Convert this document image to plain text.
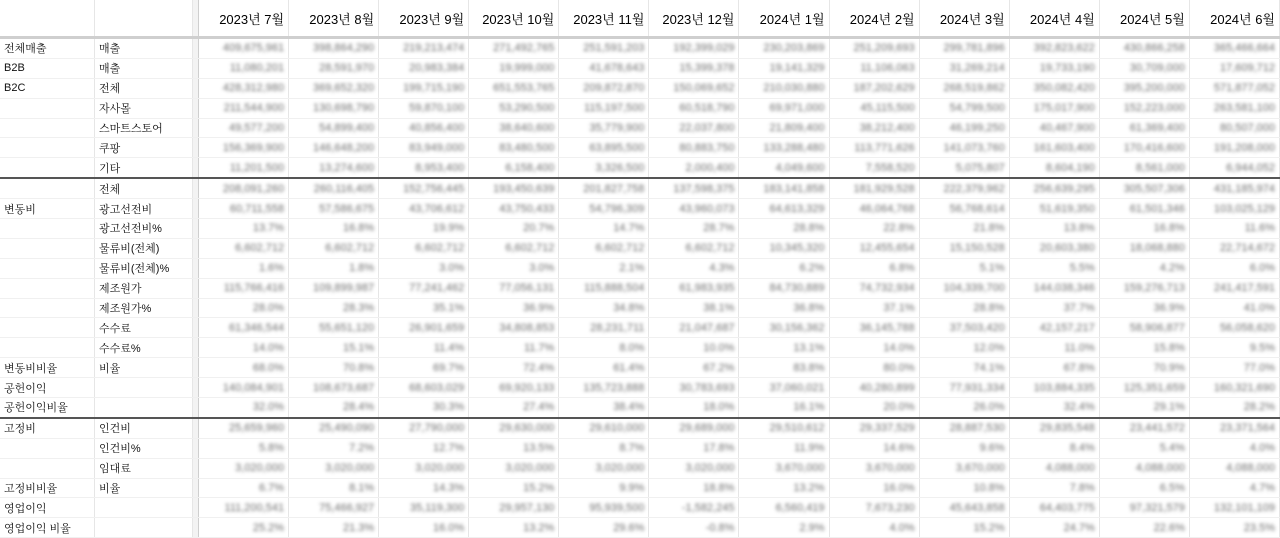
			2023년 7월	2023년 8월	2023년 9월	2023년 10월	2023년 11월	2023년 12월	2024년 1월	2024년 2월	2024년 3월	2024년 4월	2024년 5월	2024년 6월
전체매출	매출		409,675,961	398,864,290	219,213,474	271,492,765	251,591,203	192,399,029	230,203,869	251,209,693	299,781,896	392,823,622	430,866,258	365,466,664
B2B	매출		11,080,201	28,591,970	20,983,384	19,999,000	41,678,643	15,399,378	19,141,329	11,106,063	31,269,214	19,733,190	30,709,000	17,609,712
B2C	전체		428,312,980	369,652,320	199,715,190	651,553,765	209,872,870	150,069,652	210,030,880	187,202,629	268,519,862	350,082,420	395,200,000	571,877,052
	자사몰		211,544,900	130,698,790	59,870,100	53,290,500	115,197,500	60,518,790	69,971,000	45,115,500	54,799,500	175,017,900	152,223,000	263,581,100
	스마트스토어		49,577,200	54,899,400	40,856,400	38,640,600	35,779,900	22,037,800	21,809,400	38,212,400	46,199,250	40,467,900	61,369,400	80,507,000
	쿠팡		156,369,900	146,648,200	83,949,000	83,480,500	63,895,500	80,883,750	133,288,480	113,771,626	141,073,760	161,603,400	170,416,600	191,208,000
	기타		11,201,500	13,274,600	8,953,400	6,158,400	3,326,500	2,000,400	4,049,600	7,558,520	5,075,807	8,604,190	8,561,000	6,944,052
	전체		208,091,260	260,116,405	152,756,445	193,450,639	201,827,758	137,598,375	183,141,858	181,929,528	222,379,962	256,639,295	305,507,306	431,185,974
변동비	광고선전비		60,711,558	57,586,675	43,706,612	43,750,433	54,796,309	43,960,073	64,613,329	46,064,768	56,768,614	51,619,350	61,501,346	103,025,129
	광고선전비%		13.7%	16.8%	19.9%	20.7%	14.7%	28.7%	28.8%	22.8%	21.8%	13.8%	16.8%	11.6%
	물류비(전체)		6,602,712	6,602,712	6,602,712	6,602,712	6,602,712	6,602,712	10,345,320	12,455,654	15,150,528	20,603,380	18,068,880	22,714,672
	물류비(전체)%		1.6%	1.8%	3.0%	3.0%	2.1%	4.3%	6.2%	6.8%	5.1%	5.5%	4.2%	6.0%
	제조원가		115,766,416	109,899,987	77,241,462	77,056,131	115,888,504	61,983,935	84,730,889	74,732,934	104,339,700	144,038,346	159,276,713	241,417,591
	제조원가%		28.0%	28.3%	35.1%	36.9%	34.8%	38.1%	36.8%	37.1%	28.8%	37.7%	36.9%	41.0%
	수수료		61,346,544	55,651,120	26,901,659	34,808,853	28,231,711	21,047,687	30,156,362	36,145,788	37,503,420	42,157,217	58,906,877	56,058,620
	수수료%		14.0%	15.1%	11.4%	11.7%	8.0%	10.0%	13.1%	14.0%	12.0%	11.0%	15.8%	9.5%
변동비비율	비율		68.0%	70.8%	69.7%	72.4%	61.4%	67.2%	83.8%	80.0%	74.1%	67.8%	70.9%	77.0%
공헌이익			140,084,901	108,673,687	68,603,029	69,920,133	135,723,888	30,783,693	37,060,021	40,280,899	77,931,334	103,884,335	125,351,659	160,321,690
공헌이익비율			32.0%	28.4%	30.3%	27.4%	38.4%	18.0%	16.1%	20.0%	26.0%	32.4%	29.1%	28.2%
고정비	인건비		25,659,960	25,490,090	27,790,000	29,630,000	29,610,000	29,689,000	29,510,612	29,337,529	28,887,530	29,835,548	23,441,572	23,371,564
	인건비%		5.8%	7.2%	12.7%	13.5%	8.7%	17.8%	11.9%	14.6%	9.6%	8.4%	5.4%	4.0%
	임대료		3,020,000	3,020,000	3,020,000	3,020,000	3,020,000	3,020,000	3,670,000	3,670,000	3,670,000	4,088,000	4,088,000	4,088,000
고정비비율	비율		6.7%	8.1%	14.3%	15.2%	9.9%	18.8%	13.2%	16.0%	10.8%	7.8%	6.5%	4.7%
영업이익			111,200,541	75,466,927	35,119,300	29,957,130	95,939,500	-1,582,245	6,560,419	7,673,230	45,643,858	64,403,775	97,321,579	132,101,109
영업이익 비율			25.2%	21.3%	16.0%	13.2%	29.6%	-0.8%	2.9%	4.0%	15.2%	24.7%	22.6%	23.5%
